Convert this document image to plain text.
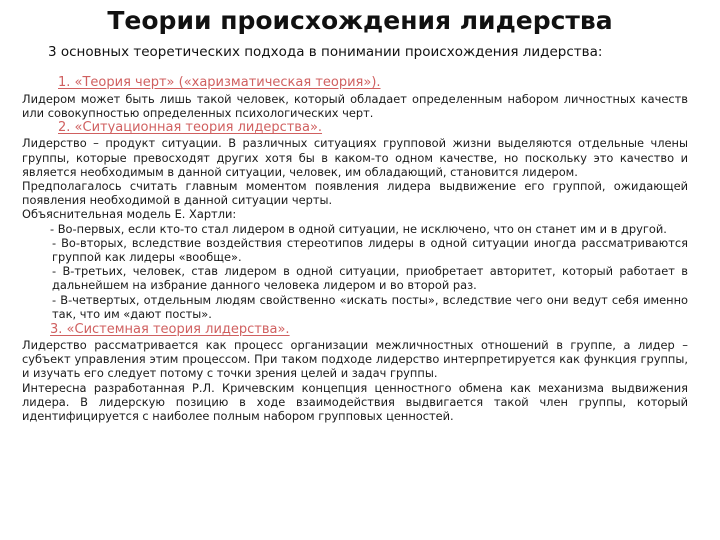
Теории происхождения лидерства
3 основных теоретических подхода в понимании происхождения лидерства:

1. «Теория черт» («харизматическая теория»).

Лидером может быть лишь такой человек, который обладает определенным набором личностных качеств или совокупностью определенных психологических черт.

2. «Ситуационная теория лидерства».

Лидерство – продукт ситуации. В различных ситуациях групповой жизни выделяются отдельные члены группы, которые превосходят других хотя бы в каком-то одном качестве, но поскольку это качество и является необходимым в данной ситуации, человек, им обладающий, становится лидером.

Предполагалось считать главным моментом появления лидера выдвижение его группой, ожидающей появления необходимой в данной ситуации черты.

Объяснительная модель Е. Хартли:

- Во-первых, если кто-то стал лидером в одной ситуации, не исключено, что он станет им и в другой.

- Во-вторых, вследствие воздействия стереотипов лидеры в одной ситуации иногда рассматриваются группой как лидеры «вообще».

- В-третьих, человек, став лидером в одной ситуации, приобретает авторитет, который работает в дальнейшем на избрание данного человека лидером и во второй раз.

- В-четвертых, отдельным людям свойственно «искать посты», вследствие чего они ведут себя именно так, что им «дают посты».

3. «Системная теория лидерства».

Лидерство рассматривается как процесс организации межличностных отношений в группе, а лидер – субъект управления этим процессом. При таком подходе лидерство интерпретируется как функция группы, и изучать его следует потому с точки зрения целей и задач группы.

Интересна разработанная Р.Л. Кричевским концепция ценностного обмена как механизма выдвижения лидера. В лидерскую позицию в ходе взаимодействия выдвигается такой член группы, который идентифицируется с наиболее полным набором групповых ценностей.
